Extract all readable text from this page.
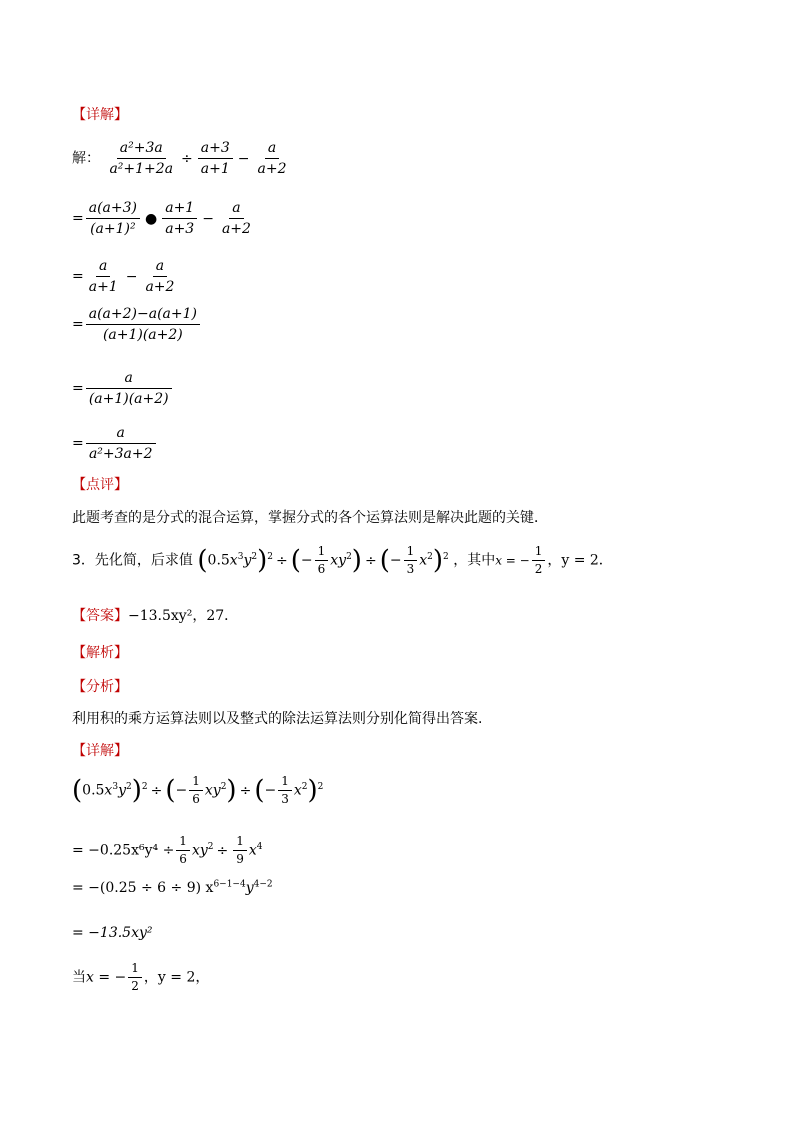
【详解】
解： $\frac{\text{a²+3a}}{\text{a²+1+2a}} \div \frac{a+3}{a+1} - \frac{a}{a+2}$
= $\frac{a(a+3)}{\text{(a+1)²}}$ ● $\frac{a+1}{a+3} - \frac{a}{a+2}$
= $\frac{a}{a+1} - \frac{a}{a+2}$
= $\frac{a(a+2)-a(a+1)}{(a+1)(a+2)}$
= $\frac{a}{(a+1)(a+2)}$
= $\frac{a}{\text{a²+3a+2}}$
【点评】
此题考查的是分式的混合运算，掌握分式的各个运算法则是解决此题的关键．
3．先化简，后求值 $(0.5x^3y^2)^2$ ÷ (− $\frac{1}{6} xy^2$) ÷ (− $\frac{1}{3} x^2)^2$ ，其中x = − $\frac{1}{2}$ ，y = 2．
【答案】−13.5xy²，27．
【解析】
【分析】
利用积的乘方运算法则以及整式的除法运算法则分别化简得出答案.
【详解】
$(0.5x^3y^2)^2$ ÷ (− $\frac{1}{6} xy^2$) ÷ (− $\frac{1}{3} x^2)^2$
= $-0.25x^6y^4 \div \frac{1}{6} xy^2 \div \frac{1}{9} x^4$
= −(0.25 ÷ 6 ÷ 9) $x^{6-1-4}y^{4-2}$
= −13.5xy²
当x = − $\frac{1}{2}$ ，y = 2，
